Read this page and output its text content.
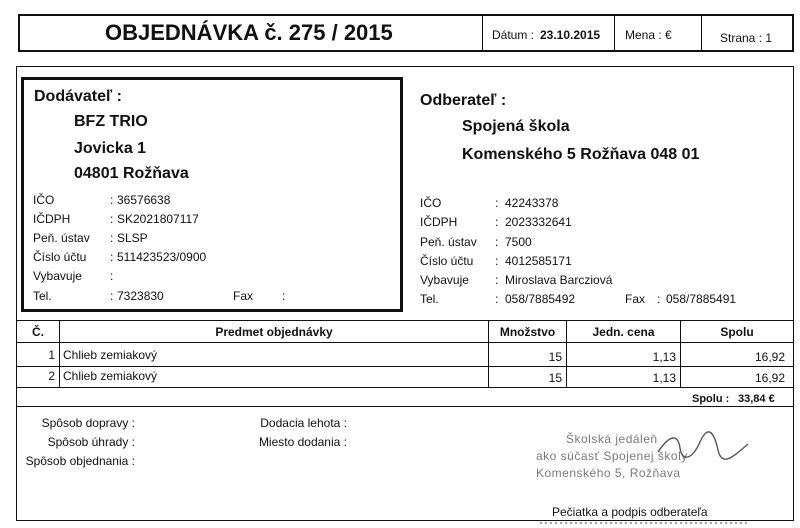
OBJEDNÁVKA č. 275 / 2015	Dátum : 23.10.2015 Mena : €	Strana : 1
Dodávateľ :
BFZ TRIO
Jovicka 1
04801 Rožňava
IČO	: 36576638
IČDPH	: SK2021807117
Peň. ústav : SLSP
Číslo účtu : 511423523/0900
Vybavuje :
Tel.	: 7323830	Fax :
Odberateľ :
Spojená škola
Komenského 5 Rožňava 048 01
IČO	: 42243378
IČDPH	: 2023332641
Peň. ústav : 7500
Číslo účtu : 4012585171
Vybavuje : Miroslava Barcziová
Tel.	: 058/7885492	Fax : 058/7885491
Č.	Predmet objednávky	Množstvo	Jedn. cena	Spolu
1 Chlieb zemiakový	15	1,13	16,92
2 Chlieb zemiakový	15	1,13	16,92
Spolu : 33,84 €
Spôsob dopravy :
Spôsob úhrady :
Spôsob objednania :
Dodacia lehota :
Miesto dodania :	Školská jedáleň
ako súčasť Spojenej školy
Komenského 5, Rožňava
Pečiatka a podpis odberateľa
